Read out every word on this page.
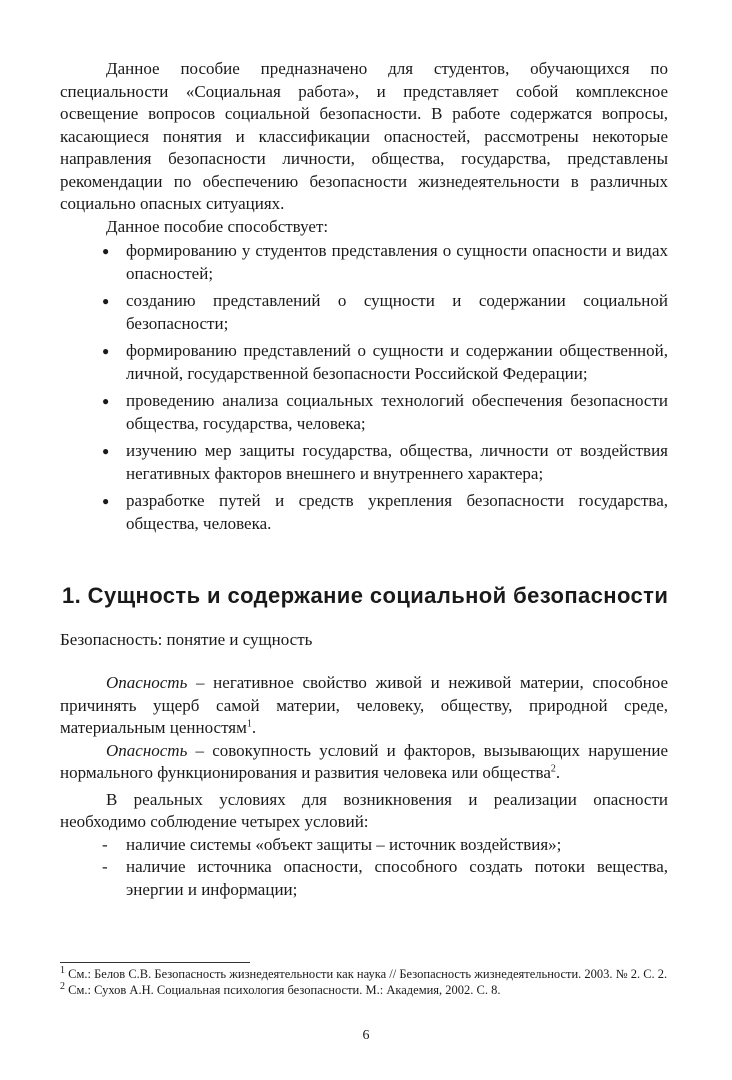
Данное пособие предназначено для студентов, обучающихся по специальности «Социальная работа», и представляет собой комплексное освещение вопросов социальной безопасности. В работе содержатся вопросы, касающиеся понятия и классификации опасностей, рассмотрены некоторые направления безопасности личности, общества, государства, представлены рекомендации по обеспечению безопасности жизнедеятельности в различных социально опасных ситуациях.

Данное пособие способствует:

● формированию у студентов представления о сущности опасности и видах опасностей;
● созданию представлений о сущности и содержании социальной безопасности;
● формированию представлений о сущности и содержании общественной, личной, государственной безопасности Российской Федерации;
● проведению анализа социальных технологий обеспечения безопасности общества, государства, человека;
● изучению мер защиты государства, общества, личности от воздействия негативных факторов внешнего и внутреннего характера;
● разработке путей и средств укрепления безопасности государства, общества, человека.
1. Сущность и содержание социальной безопасности
Безопасность: понятие и сущность

Опасность – негативное свойство живой и неживой материи, способное причинять ущерб самой материи, человеку, обществу, природной среде, материальным ценностям$^1$.

Опасность – совокупность условий и факторов, вызывающих нарушение нормального функционирования и развития человека или общества$^2$.

В реальных условиях для возникновения и реализации опасности необходимо соблюдение четырех условий:

- наличие системы «объект защиты – источник воздействия»;
- наличие источника опасности, способного создать потоки вещества, энергии и информации;

$^1$ См.: Белов С.В. Безопасность жизнедеятельности как наука // Безопасность жизнедеятельности. 2003. № 2. С. 2.

$^2$ См.: Сухов А.Н. Социальная психология безопасности. М.: Академия, 2002. С. 8.

6
